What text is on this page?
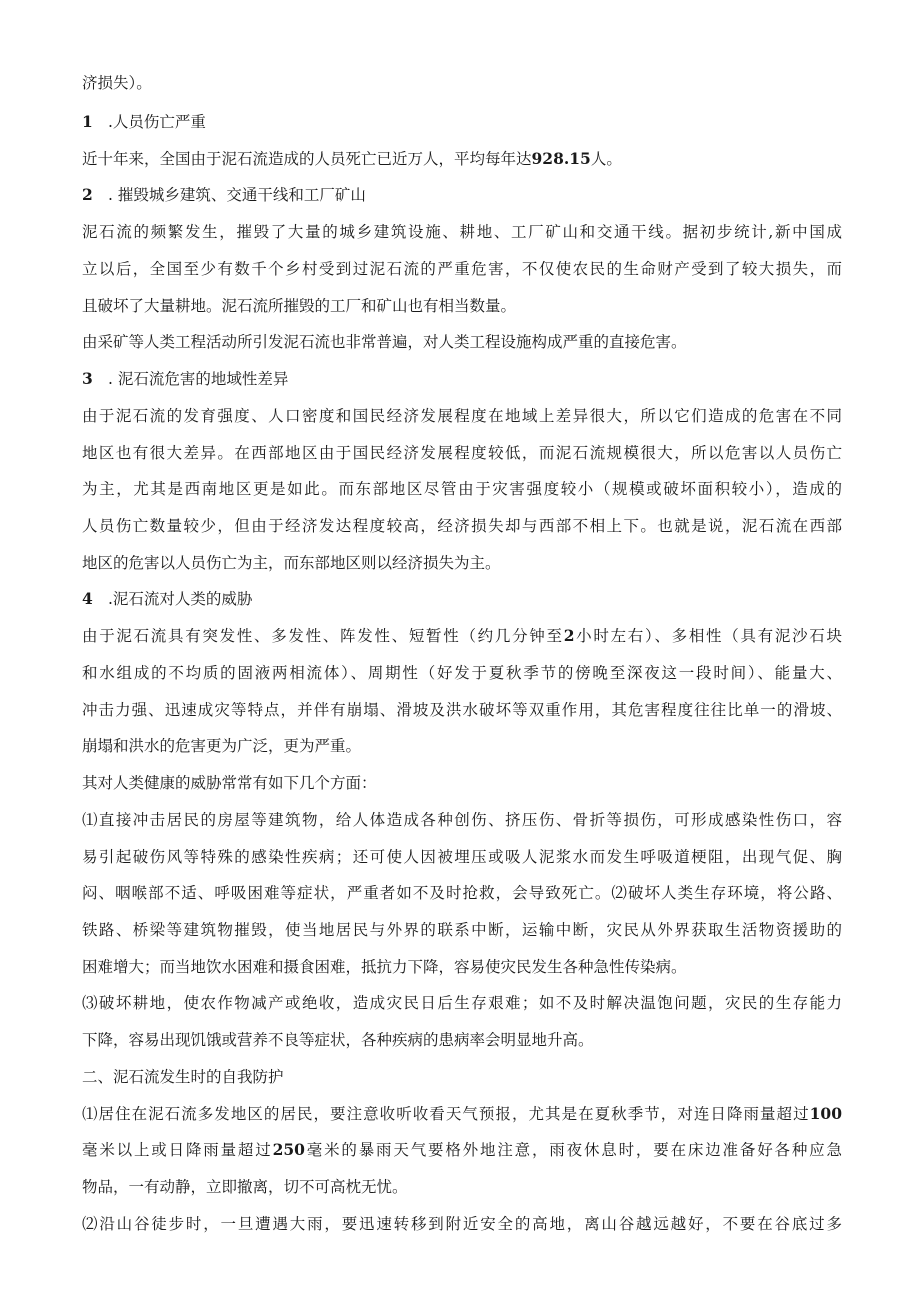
济损失）。
1 .人员伤亡严重
近十年来，全国由于泥石流造成的人员死亡已近万人，平均每年达928.15人。
2 . 摧毁城乡建筑、交通干线和工厂矿山
泥石流的频繁发生，摧毁了大量的城乡建筑设施、耕地、工厂矿山和交通干线。据初步统计,新中国成
立以后，全国至少有数千个乡村受到过泥石流的严重危害，不仅使农民的生命财产受到了较大损失，而
且破坏了大量耕地。泥石流所摧毁的工厂和矿山也有相当数量。
由采矿等人类工程活动所引发泥石流也非常普遍，对人类工程设施构成严重的直接危害。
3 . 泥石流危害的地域性差异
由于泥石流的发育强度、人口密度和国民经济发展程度在地域上差异很大，所以它们造成的危害在不同
地区也有很大差异。在西部地区由于国民经济发展程度较低，而泥石流规模很大，所以危害以人员伤亡
为主，尤其是西南地区更是如此。而东部地区尽管由于灾害强度较小（规模或破坏面积较小），造成的
人员伤亡数量较少，但由于经济发达程度较高，经济损失却与西部不相上下。也就是说，泥石流在西部
地区的危害以人员伤亡为主，而东部地区则以经济损失为主。
4 .泥石流对人类的威胁
由于泥石流具有突发性、多发性、阵发性、短暂性（约几分钟至2小时左右）、多相性（具有泥沙石块
和水组成的不均质的固液两相流体）、周期性（好发于夏秋季节的傍晚至深夜这一段时间）、能量大、
冲击力强、迅速成灾等特点，并伴有崩塌、滑坡及洪水破坏等双重作用，其危害程度往往比单一的滑坡、
崩塌和洪水的危害更为广泛，更为严重。
其对人类健康的威胁常常有如下几个方面：
⑴直接冲击居民的房屋等建筑物，给人体造成各种创伤、挤压伤、骨折等损伤，可形成感染性伤口，容
易引起破伤风等特殊的感染性疾病；还可使人因被埋压或吸人泥浆水而发生呼吸道梗阻，出现气促、胸
闷、咽喉部不适、呼吸困难等症状，严重者如不及时抢救，会导致死亡。⑵破坏人类生存环境，将公路、
铁路、桥梁等建筑物摧毁，使当地居民与外界的联系中断，运输中断，灾民从外界获取生活物资援助的
困难增大；而当地饮水困难和摄食困难，抵抗力下降，容易使灾民发生各种急性传染病。
⑶破坏耕地，使农作物减产或绝收，造成灾民日后生存艰难；如不及时解决温饱问题，灾民的生存能力
下降，容易出现饥饿或营养不良等症状，各种疾病的患病率会明显地升高。
二、泥石流发生时的自我防护
⑴居住在泥石流多发地区的居民，要注意收听收看天气预报，尤其是在夏秋季节，对连日降雨量超过100
毫米以上或日降雨量超过250毫米的暴雨天气要格外地注意，雨夜休息时，要在床边准备好各种应急
物品，一有动静，立即撤离，切不可高枕无忧。
⑵沿山谷徒步时，一旦遭遇大雨，要迅速转移到附近安全的高地，离山谷越远越好，不要在谷底过多
